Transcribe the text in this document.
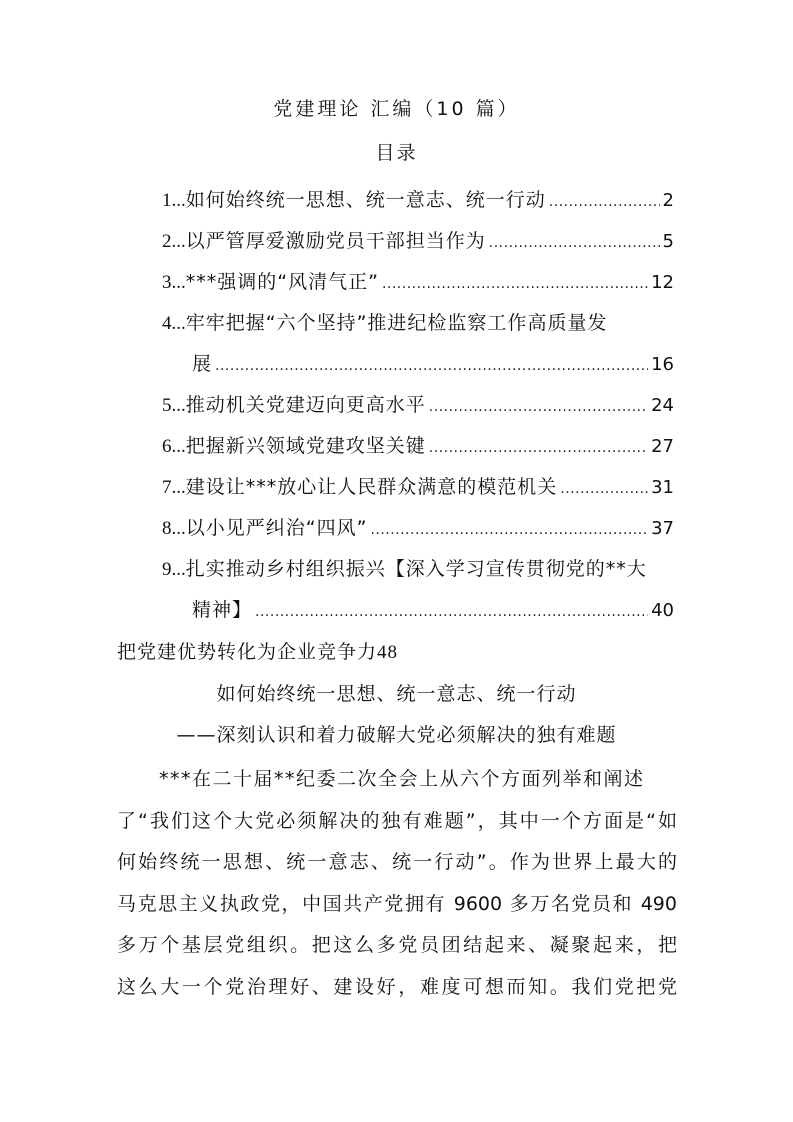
党建理论 汇编（10 篇）
目录
1... 如何始终统一思想、统一意志、统一行动 .....	2
2... 以严管厚爱激励党员干部担当作为 .....	5
3... ***强调的“风清气正” .....	12
4... 牢牢把握“六个坚持”推进纪检监察工作高质量发
展 .....	16
5... 推动机关党建迈向更高水平 .....	24
6... 把握新兴领域党建攻坚关键 .....	27
7... 建设让***放心让人民群众满意的模范机关 .....	31
8... 以小见严纠治“四风” .....	37
9... 扎实推动乡村组织振兴【深入学习宣传贯彻党的**大
精神】 .....	40
把党建优势转化为企业竞争力48
如何始终统一思想、统一意志、统一行动
——深刻认识和着力破解大党必须解决的独有难题
***在二十届**纪委二次全会上从六个方面列举和阐述
了“我们这个大党必须解决的独有难题”，其中一个方面是“如
何始终统一思想、统一意志、统一行动”。作为世界上最大的
马克思主义执政党，中国共产党拥有 9600 多万名党员和 490
多万个基层党组织。把这么多党员团结起来、凝聚起来，把
这么大一个党治理好、建设好，难度可想而知。我们党把党
